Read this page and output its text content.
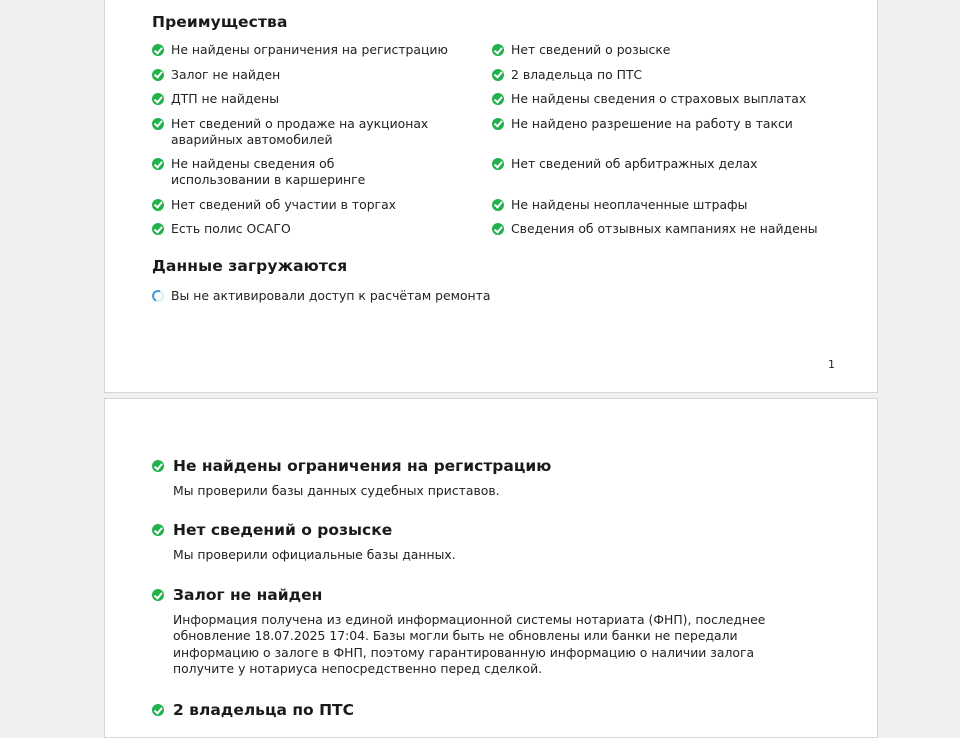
Преимущества
Не найдены ограничения на регистрацию	Нет сведений о розыске
Залог не найден	2 владельца по ПТС
ДТП не найдены	Не найдены сведения о страховых выплатах
Нет сведений о продаже на аукционах аварийных автомобилей
Не найдено разрешение на работу в такси
Не найдены сведения об использовании в каршеринге
Нет сведений об арбитражных делах
Нет сведений об участии в торгах	Не найдены неоплаченные штрафы
Есть полис ОСАГО	Сведения об отзывных кампаниях не найдены
Данные загружаются
Вы не активировали доступ к расчётам ремонта
1
Не найдены ограничения на регистрацию

Мы проверили базы данных судебных приставов.

Нет сведений о розыске

Мы проверили официальные базы данных.

Залог не найден

Информация получена из единой информационной системы нотариата (ФНП), последнее обновление 18.07.2025 17:04. Базы могли быть не обновлены или банки не передали информацию о залоге в ФНП, поэтому гарантированную информацию о наличии залога получите у нотариуса непосредственно перед сделкой.

2 владельца по ПТС
